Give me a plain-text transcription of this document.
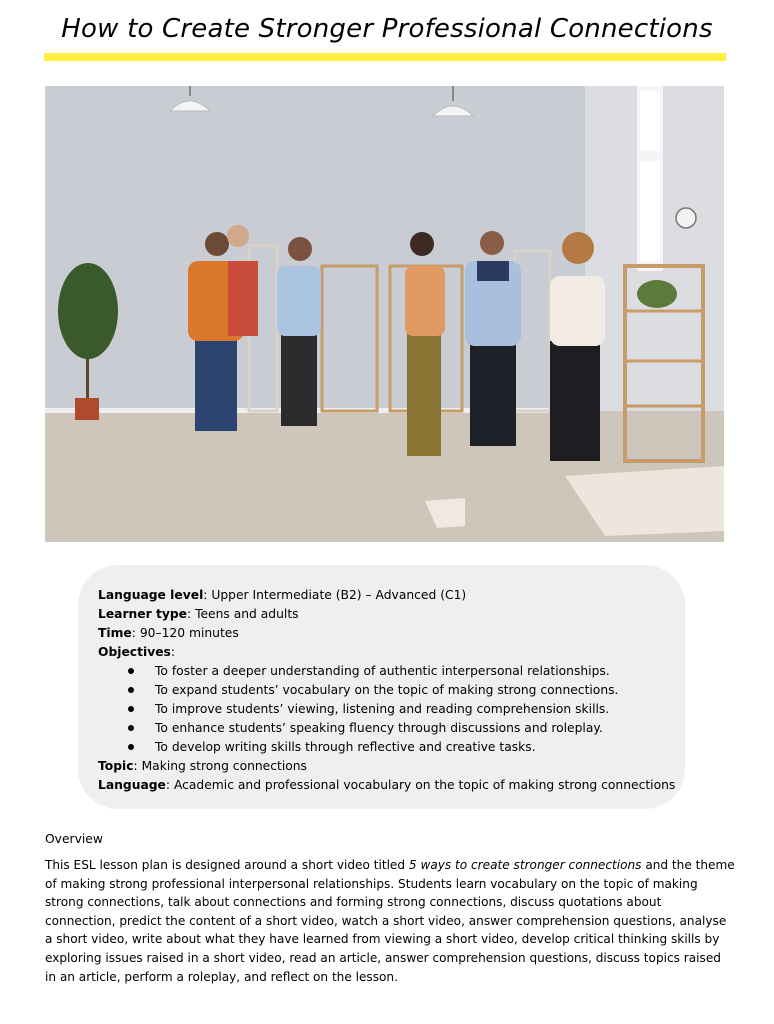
How to Create Stronger Professional Connections
Language level: Upper Intermediate (B2) – Advanced (C1)
Learner type: Teens and adults
Time: 90–120 minutes
Objectives:
To foster a deeper understanding of authentic interpersonal relationships.
To expand students’ vocabulary on the topic of making strong connections.
To improve students’ viewing, listening and reading comprehension skills.
To enhance students’ speaking fluency through discussions and roleplay.
To develop writing skills through reflective and creative tasks.
Topic: Making strong connections
Language: Academic and professional vocabulary on the topic of making strong connections
Overview
This ESL lesson plan is designed around a short video titled 5 ways to create stronger connections and the theme of making strong professional interpersonal relationships. Students learn vocabulary on the topic of making strong connections, talk about connections and forming strong connections, discuss quotations about connection, predict the content of a short video, watch a short video, answer comprehension questions, analyse a short video, write about what they have learned from viewing a short video, develop critical thinking skills by exploring issues raised in a short video, read an article, answer comprehension questions, discuss topics raised in an article, perform a roleplay, and reflect on the lesson.
